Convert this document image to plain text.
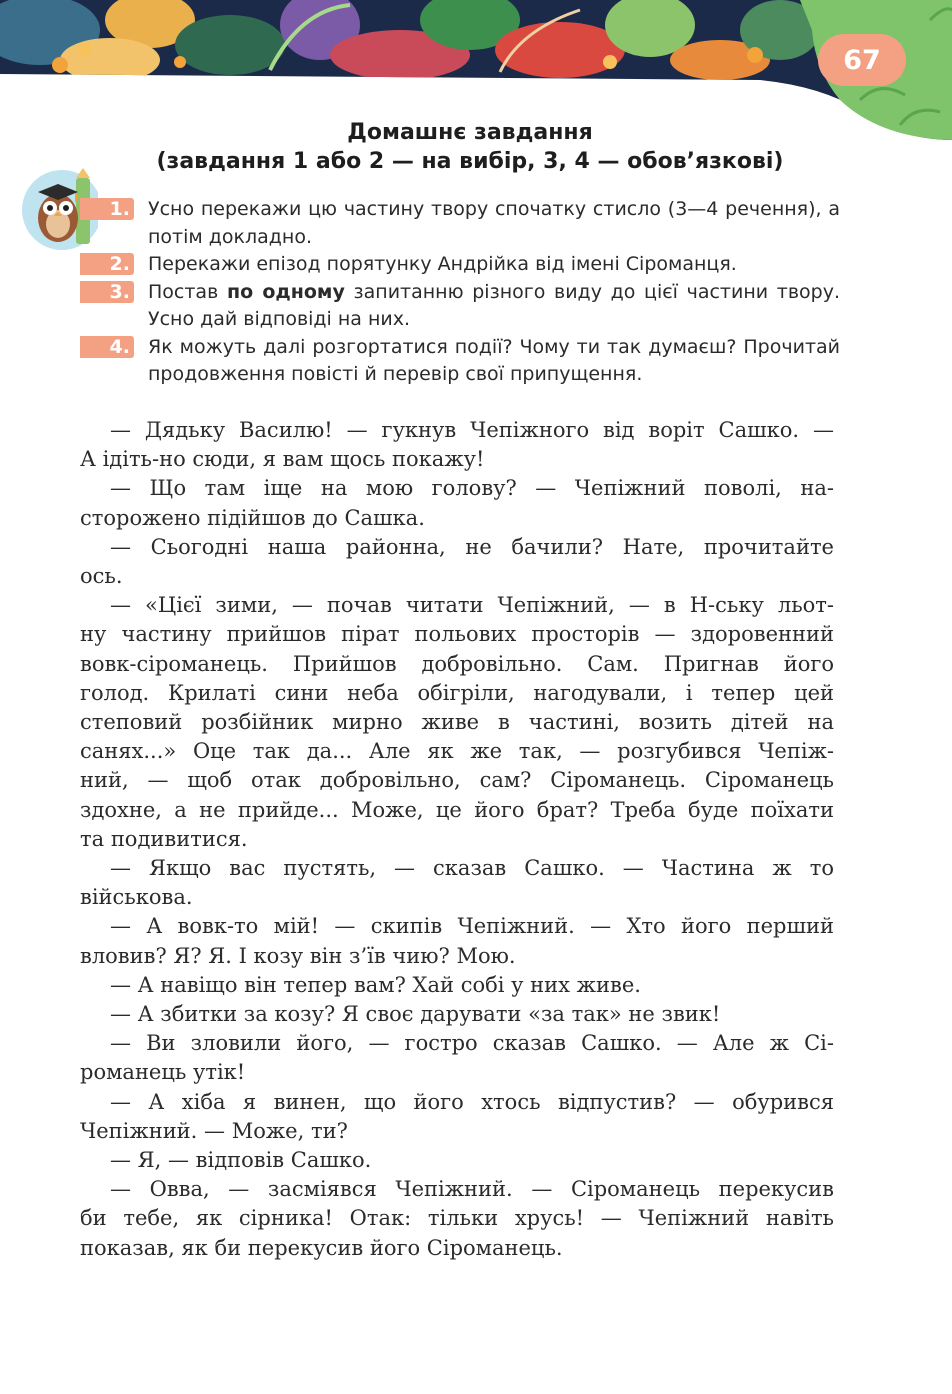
67
Домашнє завдання
(завдання 1 або 2 — на вибір, 3, 4 — обов’язкові)
1. Усно перекажи цю частину твору спочатку стисло (3—4 речення), а потім докладно.
2. Перекажи епізод порятунку Андрійка від імені Сіроманця.
3. Постав по одному запитанню різного виду до цієї частини твору. Усно дай відповіді на них.
4. Як можуть далі розгортатися події? Чому ти так думаєш? Прочитай продовження повісті й перевір свої припущення.
— Дядьку Василю! — гукнув Чепіжного від воріт Сашко. —
А ідіть-но сюди, я вам щось покажу!
— Що там іще на мою голову? — Чепіжний поволі, на-
сторожено підійшов до Сашка.
— Сьогодні наша районна, не бачили? Нате, прочитайте
ось.
— «Цієї зими, — почав читати Чепіжний, — в Н-ську льот-
ну частину прийшов пірат польових просторів — здоровенний
вовк-сіроманець. Прийшов добровільно. Сам. Пригнав його
голод. Крилаті сини неба обігріли, нагодували, і тепер цей
степовий розбійник мирно живе в частині, возить дітей на
санях...» Оце так да... Але як же так, — розгубився Чепіж-
ний, — щоб отак добровільно, сам? Сіроманець. Сіроманець
здохне, а не прийде... Може, це його брат? Треба буде поїхати
та подивитися.
— Якщо вас пустять, — сказав Сашко. — Частина ж то
військова.
— А вовк-то мій! — скипів Чепіжний. — Хто його перший
вловив? Я? Я. І козу він з’їв чию? Мою.
— А навіщо він тепер вам? Хай собі у них живе.
— А збитки за козу? Я своє дарувати «за так» не звик!
— Ви зловили його, — гостро сказав Сашко. — Але ж Сі-
романець утік!
— А хіба я винен, що його хтось відпустив? — обурився
Чепіжний. — Може, ти?
— Я, — відповів Сашко.
— Овва, — засміявся Чепіжний. — Сіроманець перекусив
би тебе, як сірника! Отак: тільки хрусь! — Чепіжний навіть
показав, як би перекусив його Сіроманець.
